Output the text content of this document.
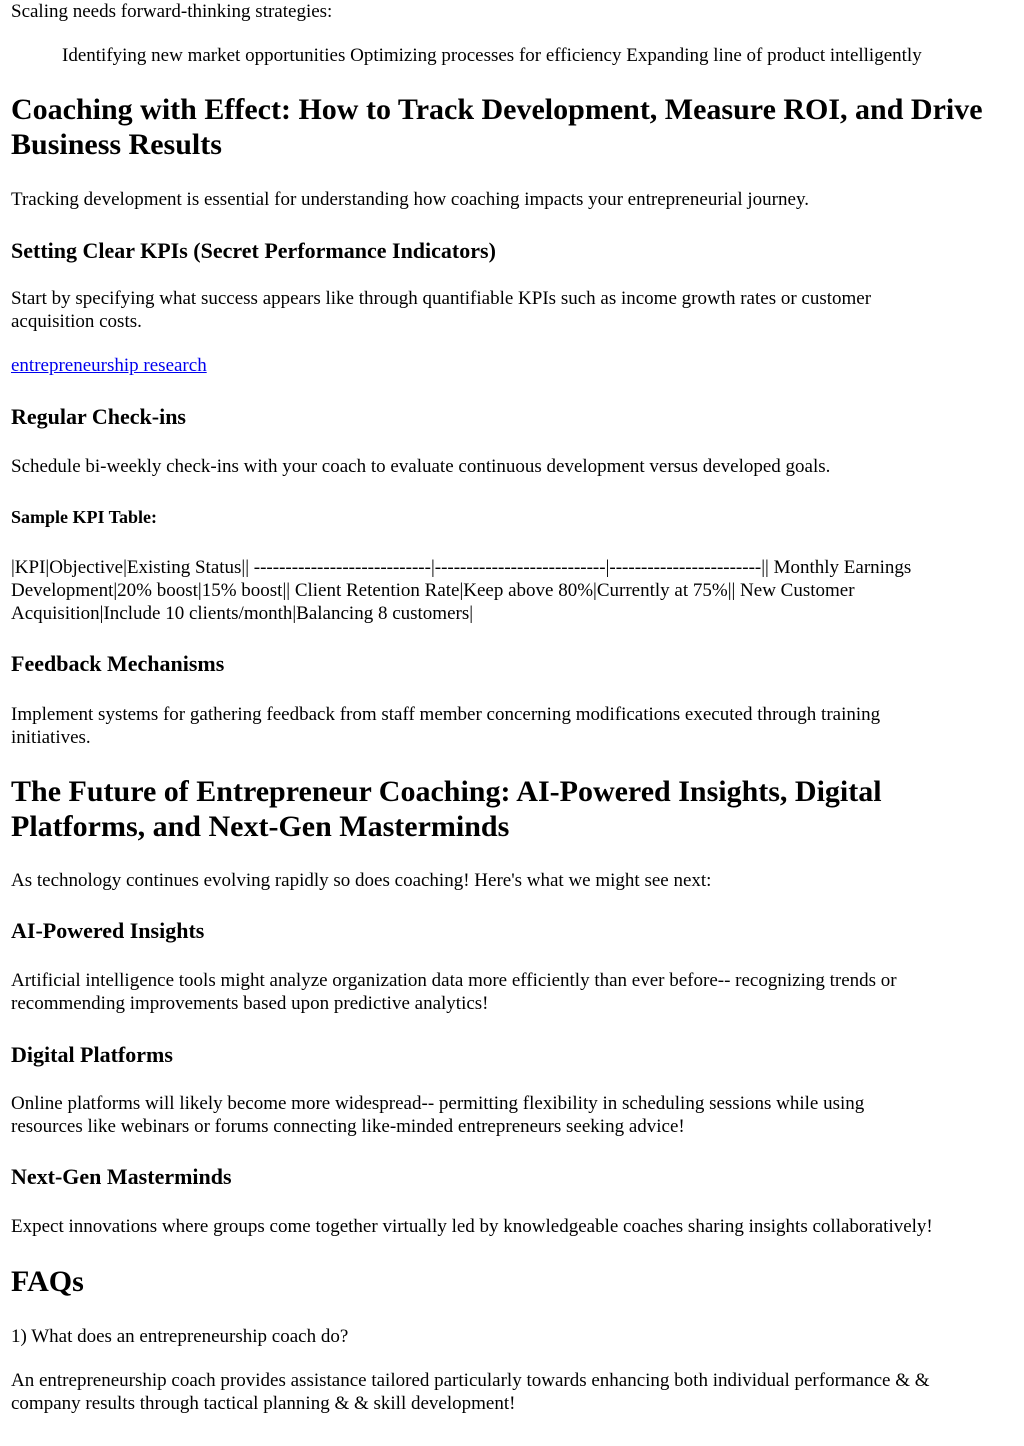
Scaling needs forward-thinking strategies:

Identifying new market opportunities Optimizing processes for efficiency Expanding line of product intelligently

Coaching with Effect: How to Track Development, Measure ROI, and Drive
Business Results

Tracking development is essential for understanding how coaching impacts your entrepreneurial journey.

Setting Clear KPIs (Secret Performance Indicators)

Start by specifying what success appears like through quantifiable KPIs such as income growth rates or customer

acquisition costs.

entrepreneurship research
Regular Check-ins

Schedule bi-weekly check-ins with your coach to evaluate continuous development versus developed goals.

Sample KPI Table:

|KPI|Objective|Existing Status|| ----------------------------|---------------------------|------------------------|| Monthly Earnings

Development|20% boost|15% boost|| Client Retention Rate|Keep above 80%|Currently at 75%|| New Customer

Acquisition|Include 10 clients/month|Balancing 8 customers|

Feedback Mechanisms

Implement systems for gathering feedback from staff member concerning modifications executed through training

initiatives.

The Future of Entrepreneur Coaching: AI-Powered Insights, Digital
Platforms, and Next-Gen Masterminds

As technology continues evolving rapidly so does coaching! Here's what we might see next:

AI-Powered Insights

Artificial intelligence tools might analyze organization data more efficiently than ever before-- recognizing trends or

recommending improvements based upon predictive analytics!

Digital Platforms

Online platforms will likely become more widespread-- permitting flexibility in scheduling sessions while using

resources like webinars or forums connecting like-minded entrepreneurs seeking advice!

Next-Gen Masterminds

Expect innovations where groups come together virtually led by knowledgeable coaches sharing insights collaboratively!

FAQs

1) What does an entrepreneurship coach do?

An entrepreneurship coach provides assistance tailored particularly towards enhancing both individual performance & &

company results through tactical planning & & skill development!
